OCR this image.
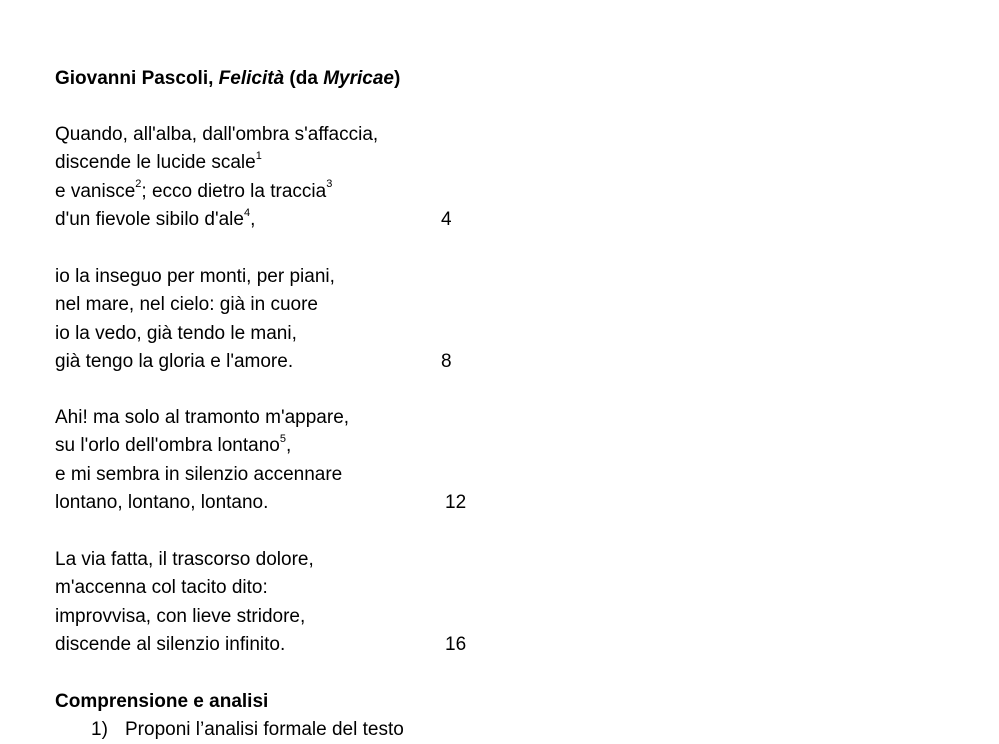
Giovanni Pascoli, Felicità (da Myricae)
Quando, all'alba, dall'ombra s'affaccia,
discende le lucide scale$^1$
e vanisce$^2$; ecco dietro la traccia$^3$
d'un fievole sibilo d'ale$^4$,	4
io la inseguo per monti, per piani,
nel mare, nel cielo: già in cuore
io la vedo, già tendo le mani,
già tengo la gloria e l'amore.	8
Ahi! ma solo al tramonto m'appare,
su l'orlo dell'ombra lontano$^5$,
e mi sembra in silenzio accennare
lontano, lontano, lontano.	12
La via fatta, il trascorso dolore,
m'accenna col tacito dito:
improvvisa, con lieve stridore,
discende al silenzio infinito.	16
Comprensione e analisi
1) Proponi l’analisi formale del testo
